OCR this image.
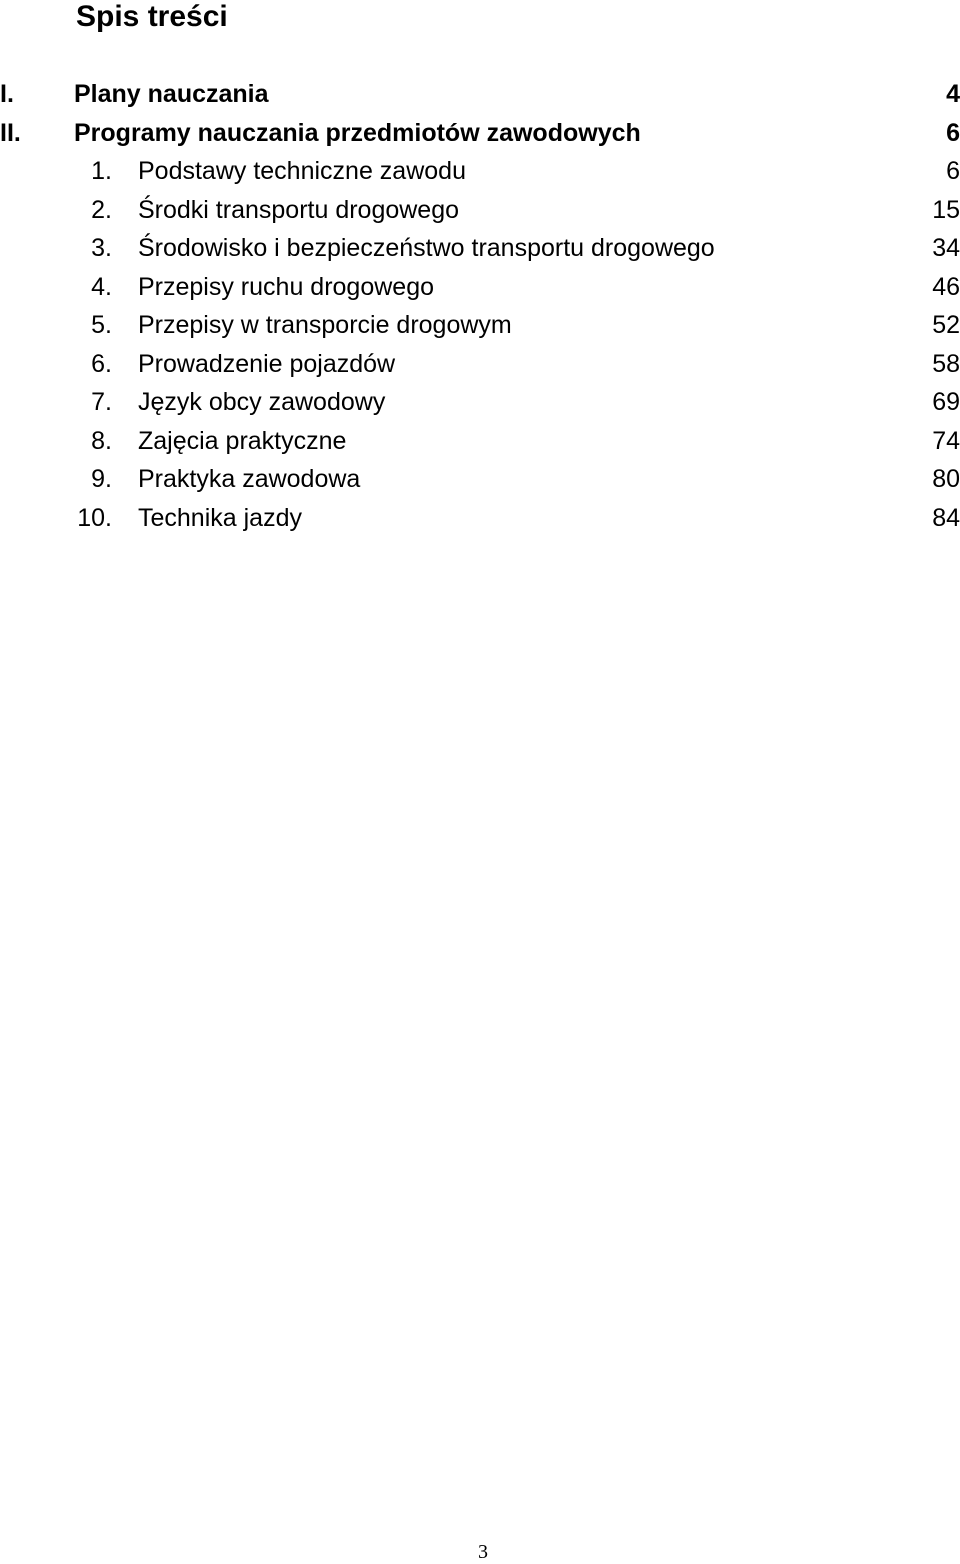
Spis treści
I. Plany nauczania	4
II. Programy nauczania przedmiotów zawodowych	6
1. Podstawy techniczne zawodu	6
2. Środki transportu drogowego	15
3. Środowisko i bezpieczeństwo transportu drogowego	34
4. Przepisy ruchu drogowego	46
5. Przepisy w transporcie drogowym	52
6. Prowadzenie pojazdów	58
7. Język obcy zawodowy	69
8. Zajęcia praktyczne	74
9. Praktyka zawodowa	80
10. Technika jazdy	84
3
